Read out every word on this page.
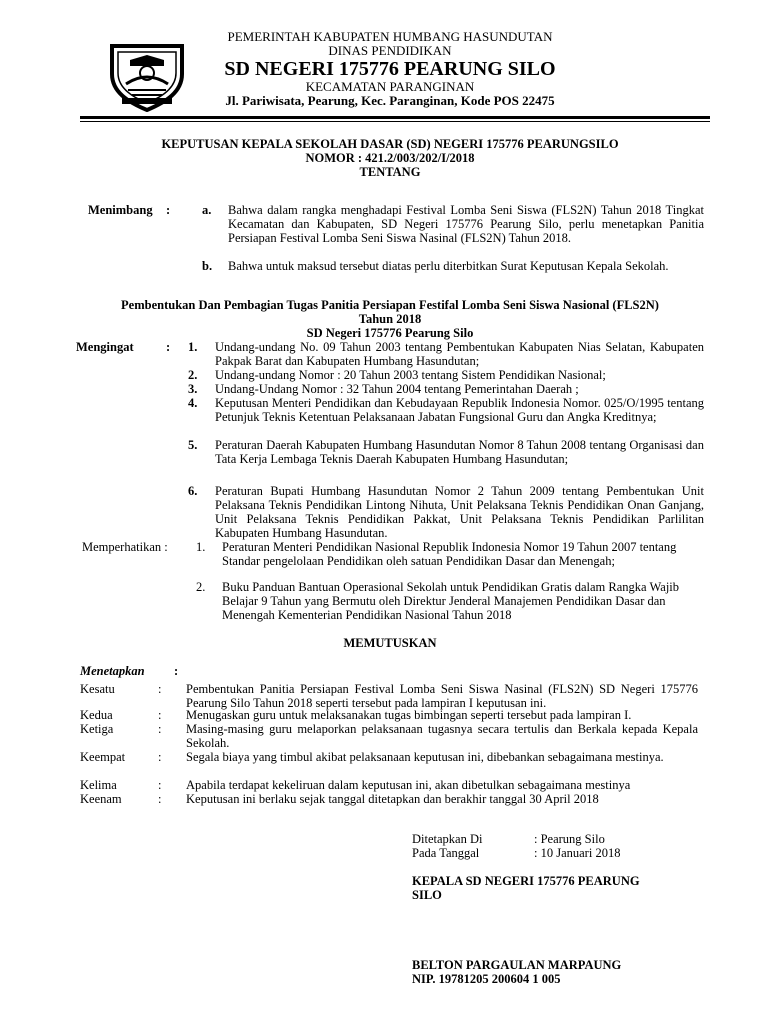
PEMERINTAH KABUPATEN HUMBANG HASUNDUTAN
DINAS PENDIDIKAN
SD NEGERI 175776 PEARUNG SILO
KECAMATAN PARANGINAN
Jl. Pariwisata, Pearung, Kec. Paranginan, Kode POS 22475
KEPUTUSAN KEPALA SEKOLAH DASAR (SD) NEGERI 175776 PEARUNGSILO
NOMOR : 421.2/003/202/I/2018
TENTANG
Menimbang :	a. Bahwa dalam rangka menghadapi Festival Lomba Seni Siswa (FLS2N) Tahun 2018 Tingkat Kecamatan dan Kabupaten, SD Negeri 175776 Pearung Silo, perlu menetapkan Panitia Persiapan Festival Lomba Seni Siswa Nasinal (FLS2N) Tahun 2018.
b. Bahwa untuk maksud tersebut diatas perlu diterbitkan Surat Keputusan Kepala Sekolah.
Pembentukan Dan Pembagian Tugas Panitia Persiapan Festifal Lomba Seni Siswa Nasional (FLS2N)
Tahun 2018
SD Negeri 175776 Pearung Silo
Mengingat	: 1. Undang-undang No. 09 Tahun 2003 tentang Pembentukan Kabupaten Nias Selatan, Kabupaten Pakpak Barat dan Kabupaten Humbang Hasundutan;
2. Undang-undang Nomor : 20 Tahun 2003 tentang Sistem Pendidikan Nasional;
3. Undang-Undang Nomor : 32 Tahun 2004 tentang Pemerintahan Daerah ;
4. Keputusan Menteri Pendidikan dan Kebudayaan Republik Indonesia Nomor. 025/O/1995 tentang Petunjuk Teknis Ketentuan Pelaksanaan Jabatan Fungsional Guru dan Angka Kreditnya;
5. Peraturan Daerah Kabupaten Humbang Hasundutan Nomor 8 Tahun 2008 tentang Organisasi dan Tata Kerja Lembaga Teknis Daerah Kabupaten Humbang Hasundutan;
6. Peraturan Bupati Humbang Hasundutan Nomor 2 Tahun 2009 tentang Pembentukan Unit Pelaksana Teknis Pendidikan Lintong Nihuta, Unit Pelaksana Teknis Pendidikan Onan Ganjang, Unit Pelaksana Teknis Pendidikan Pakkat, Unit Pelaksana Teknis Pendidikan Parlilitan Kabupaten Humbang Hasundutan.
Memperhatikan : 1. Peraturan Menteri Pendidikan Nasional Republik Indonesia Nomor 19 Tahun 2007 tentang Standar pengelolaan Pendidikan oleh satuan Pendidikan Dasar dan Menengah;
2. Buku Panduan Bantuan Operasional Sekolah untuk Pendidikan Gratis dalam Rangka Wajib Belajar 9 Tahun yang Bermutu oleh Direktur Jenderal Manajemen Pendidikan Dasar dan Menengah Kementerian Pendidikan Nasional Tahun 2018
MEMUTUSKAN
Menetapkan :
Kesatu	: Pembentukan Panitia Persiapan Festival Lomba Seni Siswa Nasinal (FLS2N) SD Negeri 175776 Pearung Silo Tahun 2018 seperti tersebut pada lampiran I keputusan ini.
Kedua	: Menugaskan guru untuk melaksanakan tugas bimbingan seperti tersebut pada lampiran I.
Ketiga	: Masing-masing guru melaporkan pelaksanaan tugasnya secara tertulis dan Berkala kepada Kepala Sekolah.
Keempat	: Segala biaya yang timbul akibat pelaksanaan keputusan ini, dibebankan sebagaimana mestinya.
Kelima	: Apabila terdapat kekeliruan dalam keputusan ini, akan dibetulkan sebagaimana mestinya
Keenam	: Keputusan ini berlaku sejak tanggal ditetapkan dan berakhir tanggal 30 April 2018
Ditetapkan Di	: Pearung Silo
Pada Tanggal	: 10 Januari 2018
KEPALA SD NEGERI 175776 PEARUNG
SILO
BELTON PARGAULAN MARPAUNG
NIP. 19781205 200604 1 005
